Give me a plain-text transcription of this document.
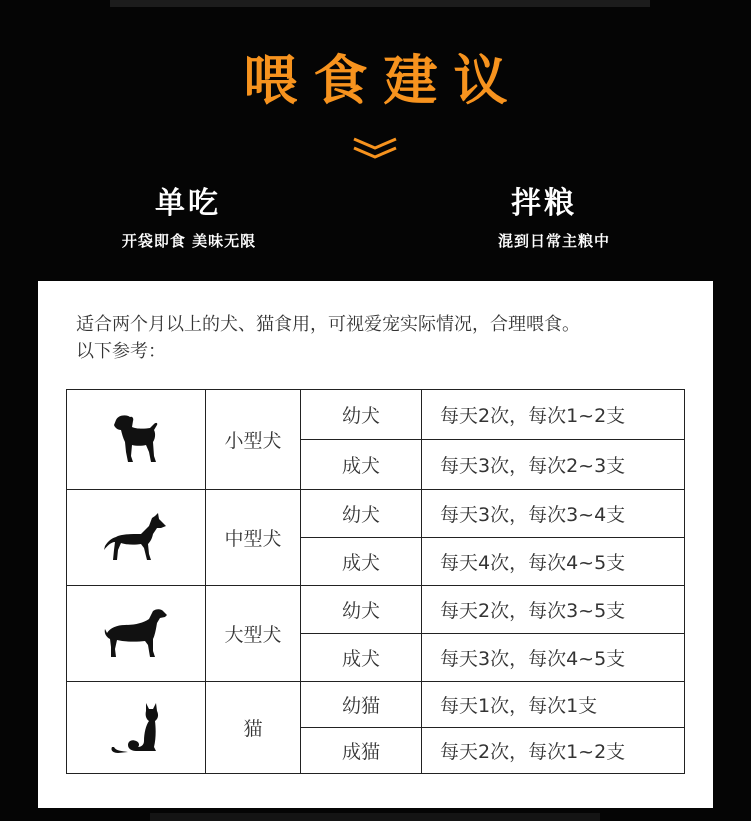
喂食建议
单吃
开袋即食 美味无限
拌粮
混到日常主粮中
适合两个月以上的犬、猫食用，可视爱宠实际情况，合理喂食。
以下参考：
	小型犬	幼犬	每天2次，每次1~2支
		成犬	每天3次，每次2~3支

	中型犬	幼犬	每天3次，每次3~4支
		成犬	每天4次，每次4~5支

	大型犬	幼犬	每天2次，每次3~5支
		成犬	每天3次，每次4~5支

	猫	幼猫	每天1次，每次1支
		成猫	每天2次，每次1~2支
